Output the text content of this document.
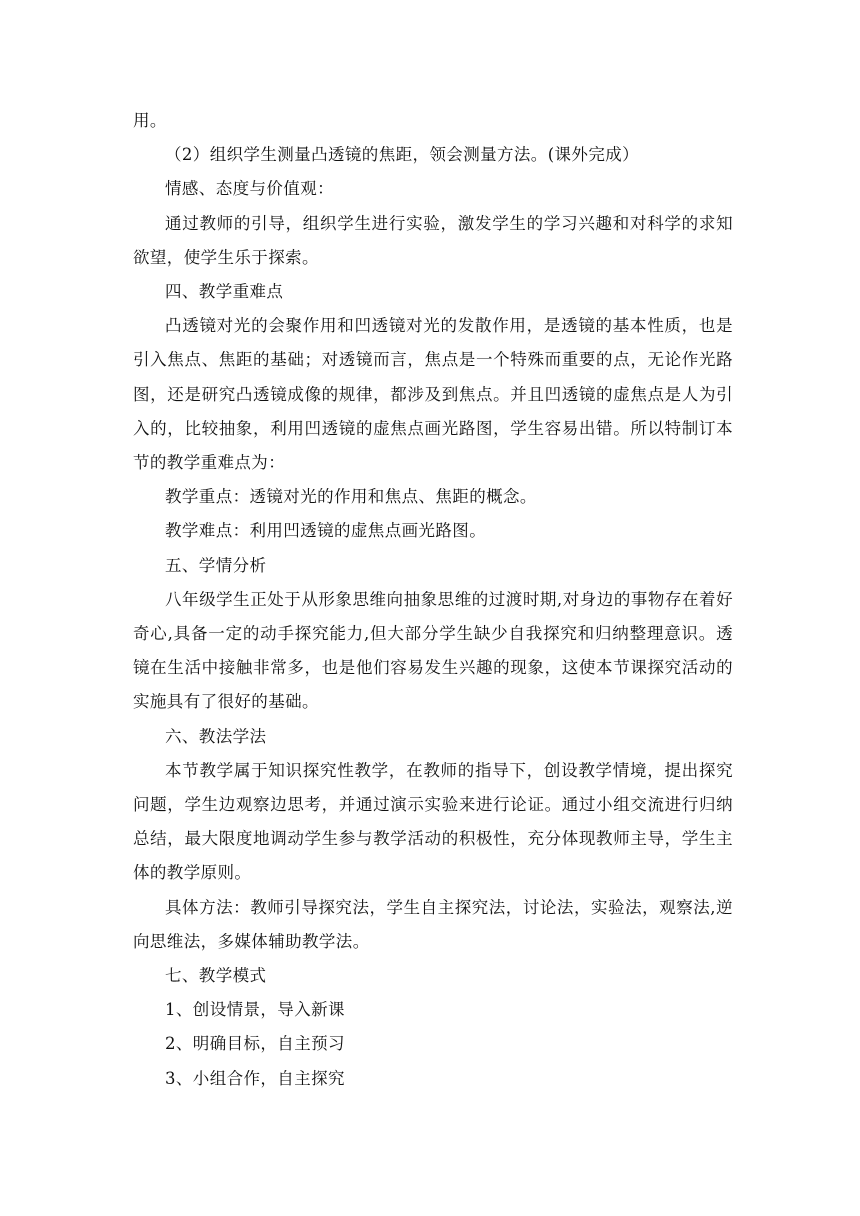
用。

（2）组织学生测量凸透镜的焦距，领会测量方法。(课外完成）

情感、态度与价值观：

通过教师的引导，组织学生进行实验，激发学生的学习兴趣和对科学的求知欲望，使学生乐于探索。

四、教学重难点

凸透镜对光的会聚作用和凹透镜对光的发散作用，是透镜的基本性质，也是引入焦点、焦距的基础；对透镜而言，焦点是一个特殊而重要的点，无论作光路图，还是研究凸透镜成像的规律，都涉及到焦点。并且凹透镜的虚焦点是人为引入的，比较抽象，利用凹透镜的虚焦点画光路图，学生容易出错。所以特制订本节的教学重难点为：

教学重点：透镜对光的作用和焦点、焦距的概念。

教学难点：利用凹透镜的虚焦点画光路图。

五、学情分析

八年级学生正处于从形象思维向抽象思维的过渡时期,对身边的事物存在着好奇心,具备一定的动手探究能力,但大部分学生缺少自我探究和归纳整理意识。透镜在生活中接触非常多，也是他们容易发生兴趣的现象，这使本节课探究活动的实施具有了很好的基础。

六、教法学法

本节教学属于知识探究性教学，在教师的指导下，创设教学情境，提出探究问题，学生边观察边思考，并通过演示实验来进行论证。通过小组交流进行归纳总结，最大限度地调动学生参与教学活动的积极性，充分体现教师主导，学生主体的教学原则。

具体方法：教师引导探究法，学生自主探究法，讨论法，实验法，观察法,逆向思维法，多媒体辅助教学法。

七、教学模式

1、创设情景，导入新课

2、明确目标，自主预习

3、小组合作，自主探究
